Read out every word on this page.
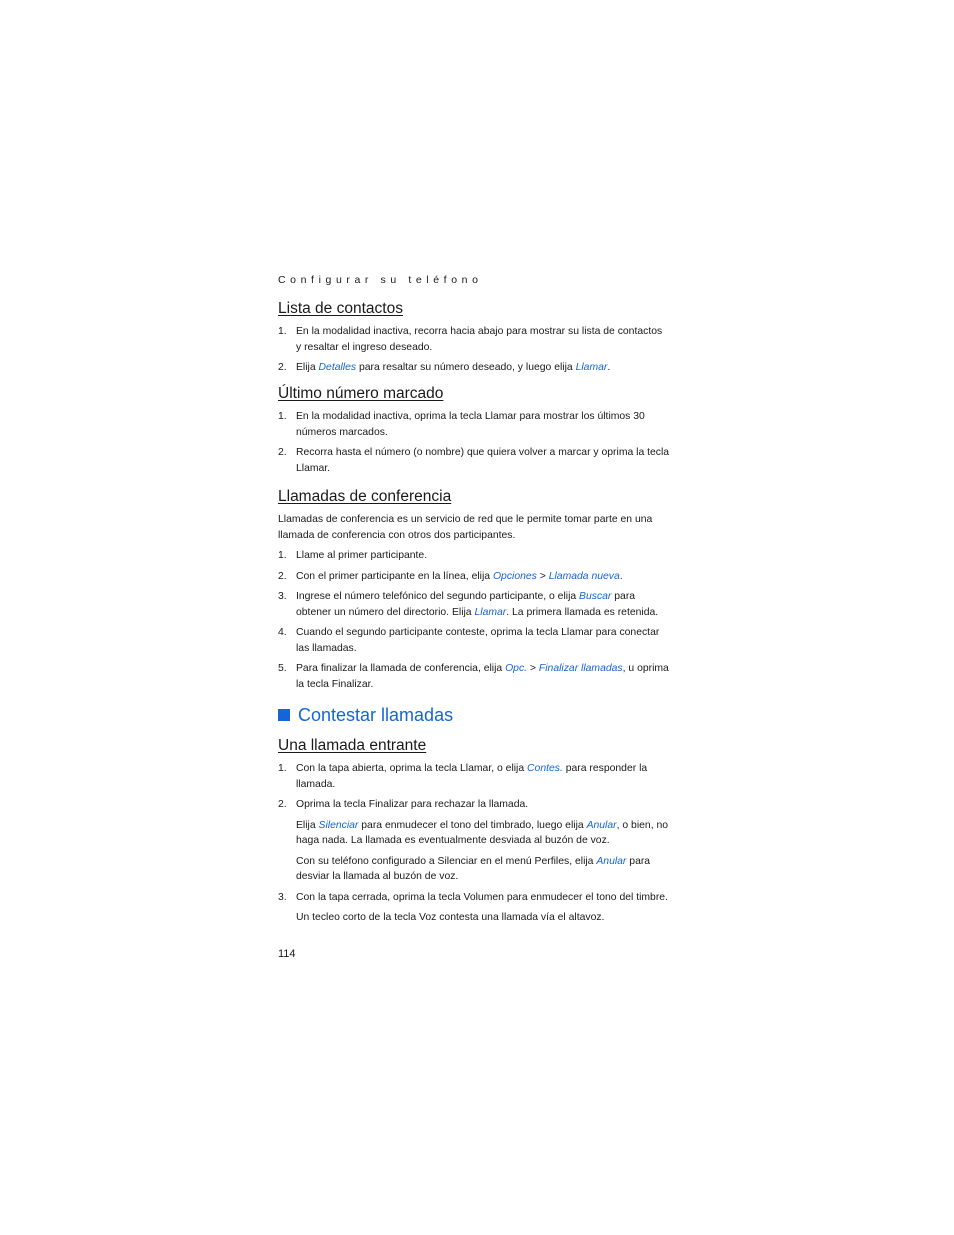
Configurar su teléfono
Lista de contactos
1. En la modalidad inactiva, recorra hacia abajo para mostrar su lista de contactos y resaltar el ingreso deseado.
2. Elija Detalles para resaltar su número deseado, y luego elija Llamar.
Último número marcado
1. En la modalidad inactiva, oprima la tecla Llamar para mostrar los últimos 30 números marcados.
2. Recorra hasta el número (o nombre) que quiera volver a marcar y oprima la tecla Llamar.
Llamadas de conferencia

Llamadas de conferencia es un servicio de red que le permite tomar parte en una llamada de conferencia con otros dos participantes.

1. Llame al primer participante.
2. Con el primer participante en la línea, elija Opciones > Llamada nueva.
3. Ingrese el número telefónico del segundo participante, o elija Buscar para obtener un número del directorio. Elija Llamar. La primera llamada es retenida.
4. Cuando el segundo participante conteste, oprima la tecla Llamar para conectar las llamadas.
5. Para finalizar la llamada de conferencia, elija Opc. > Finalizar llamadas, u oprima la tecla Finalizar.
Contestar llamadas
Una llamada entrante
1. Con la tapa abierta, oprima la tecla Llamar, o elija Contes. para responder la llamada.
2. Oprima la tecla Finalizar para rechazar la llamada.
Elija Silenciar para enmudecer el tono del timbrado, luego elija Anular, o bien, no haga nada. La llamada es eventualmente desviada al buzón de voz.
Con su teléfono configurado a Silenciar en el menú Perfiles, elija Anular para desviar la llamada al buzón de voz.
3. Con la tapa cerrada, oprima la tecla Volumen para enmudecer el tono del timbre.
Un tecleo corto de la tecla Voz contesta una llamada vía el altavoz.
114
